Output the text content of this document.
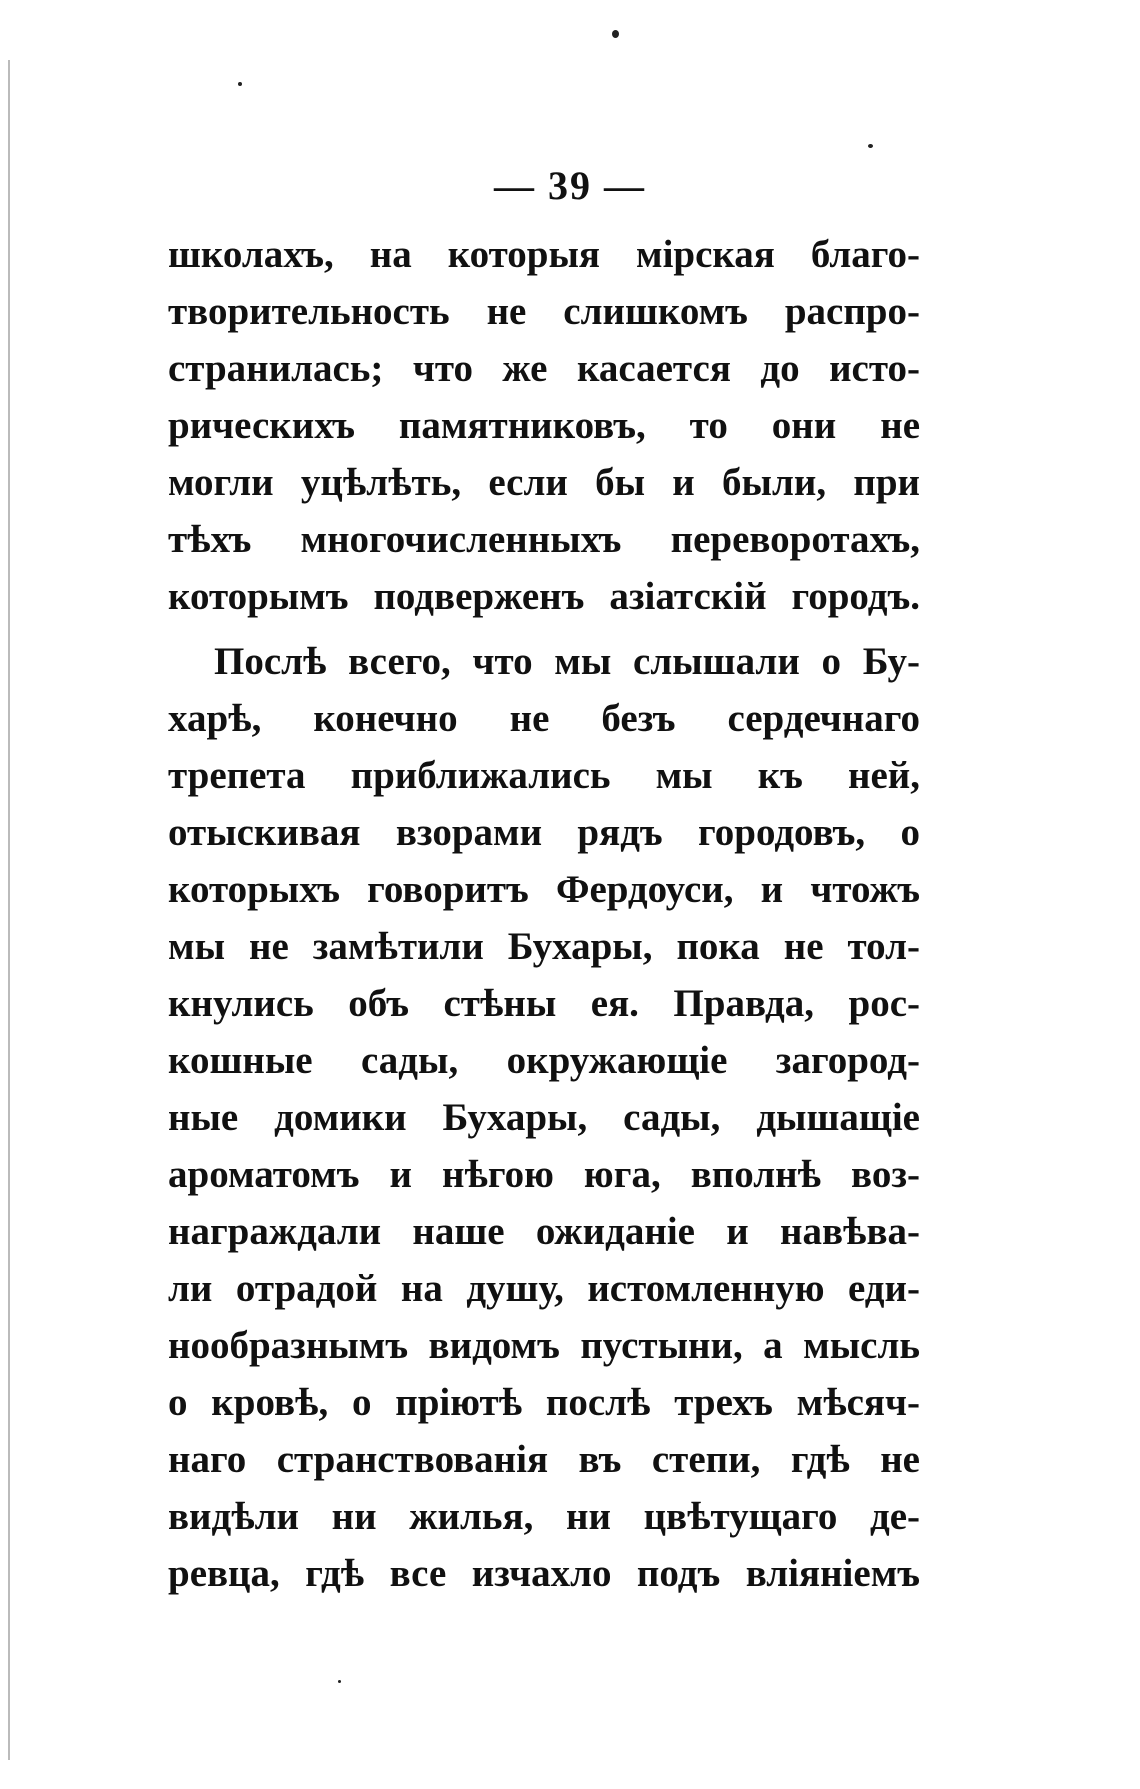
— 39 —
школахъ, на которыя мірская благо-
творительность не слишкомъ распро-
странилась; что же касается до исто-
рическихъ памятниковъ, то они не
могли уцѣлѣть, если бы и были, при
тѣхъ многочисленныхъ переворотахъ,
которымъ подверженъ азіатскій городъ.
Послѣ всего, что мы слышали о Бу-
харѣ, конечно не безъ сердечнаго
трепета приближались мы къ ней,
отыскивая взорами рядъ городовъ, о
которыхъ говоритъ Фердоуси, и чтожъ
мы не замѣтили Бухары, пока не тол-
кнулись объ стѣны ея. Правда, рос-
кошные сады, окружающіе загород-
ные домики Бухары, сады, дышащіе
ароматомъ и нѣгою юга, вполнѣ воз-
награждали наше ожиданіе и навѣва-
ли отрадой на душу, истомленную еди-
нообразнымъ видомъ пустыни, а мысль
о кровѣ, о пріютѣ послѣ трехъ мѣсяч-
наго странствованія въ степи, гдѣ не
видѣли ни жилья, ни цвѣтущаго де-
ревца, гдѣ все изчахло подъ вліяніемъ
